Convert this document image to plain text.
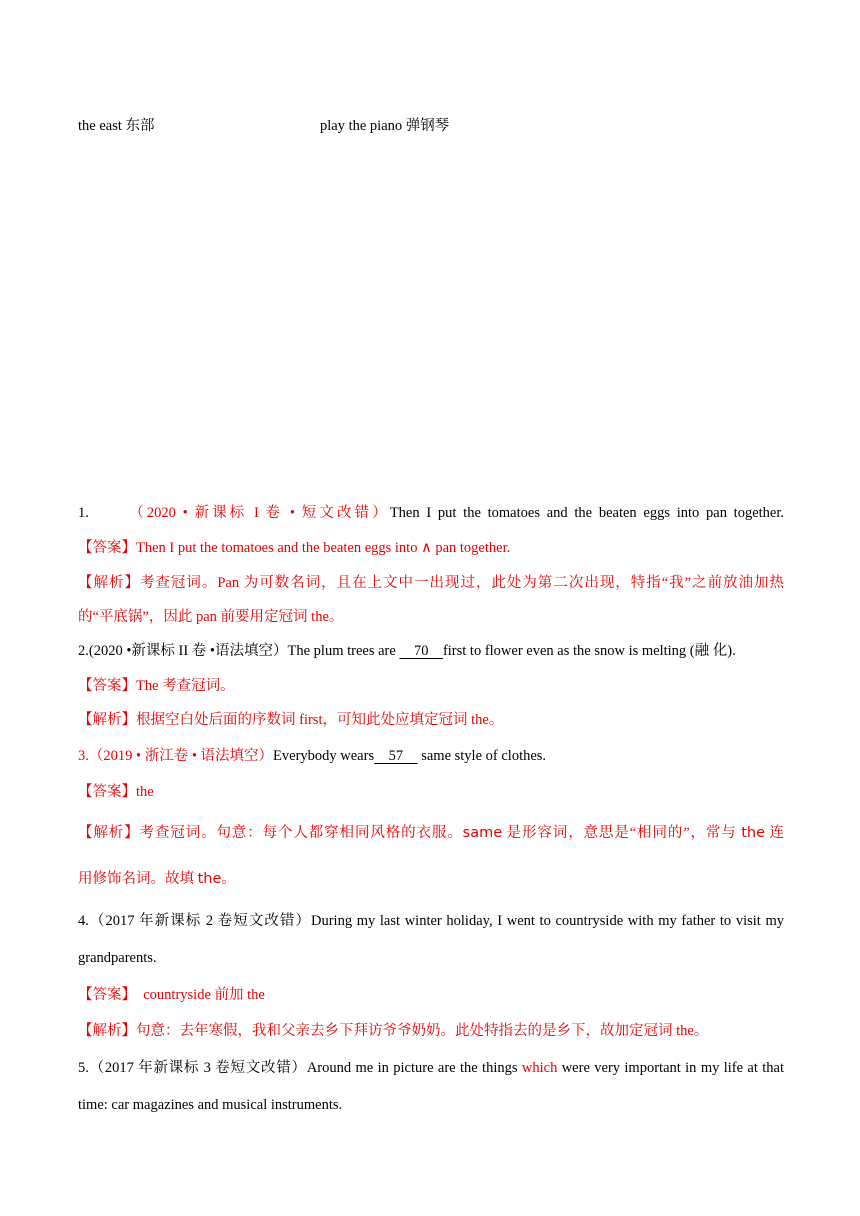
the east 东部	play the piano 弹钢琴
1.	（2020 • 新课标 I 卷 • 短文改错）Then I put the tomatoes and the beaten eggs into pan together.
【答案】Then I put the tomatoes and the beaten eggs into ∧ pan together.
【解析】考查冠词。Pan 为可数名词，且在上文中一出现过，此处为第二次出现，特指“我”之前放油加热
的“平底锅”，因此 pan 前要用定冠词 the。
2.(2020 •新课标 II 卷 •语法填空）The plum trees are     70    first to flower even as the snow is melting (融 化).
【答案】The 考查冠词。
【解析】根据空白处后面的序数词 first，可知此处应填定冠词 the。
3.（2019 • 浙江卷 • 语法填空）Everybody wears    57     same style of clothes.
【答案】the
【解析】考查冠词。句意：每个人都穿相同风格的衣服。same 是形容词，意思是“相同的”，常与 the 连
用修饰名词。故填 the。
4.（2017 年新课标 2 卷短文改错）During my last winter holiday, I went to countryside with my father to visit my
grandparents.
【答案】  countryside 前加 the
【解析】句意：去年寒假，我和父亲去乡下拜访爷爷奶奶。此处特指去的是乡下，故加定冠词 the。
5.（2017 年新课标 3 卷短文改错）Around me in picture are the things which were very important in my life at that
time: car magazines and musical instruments.
